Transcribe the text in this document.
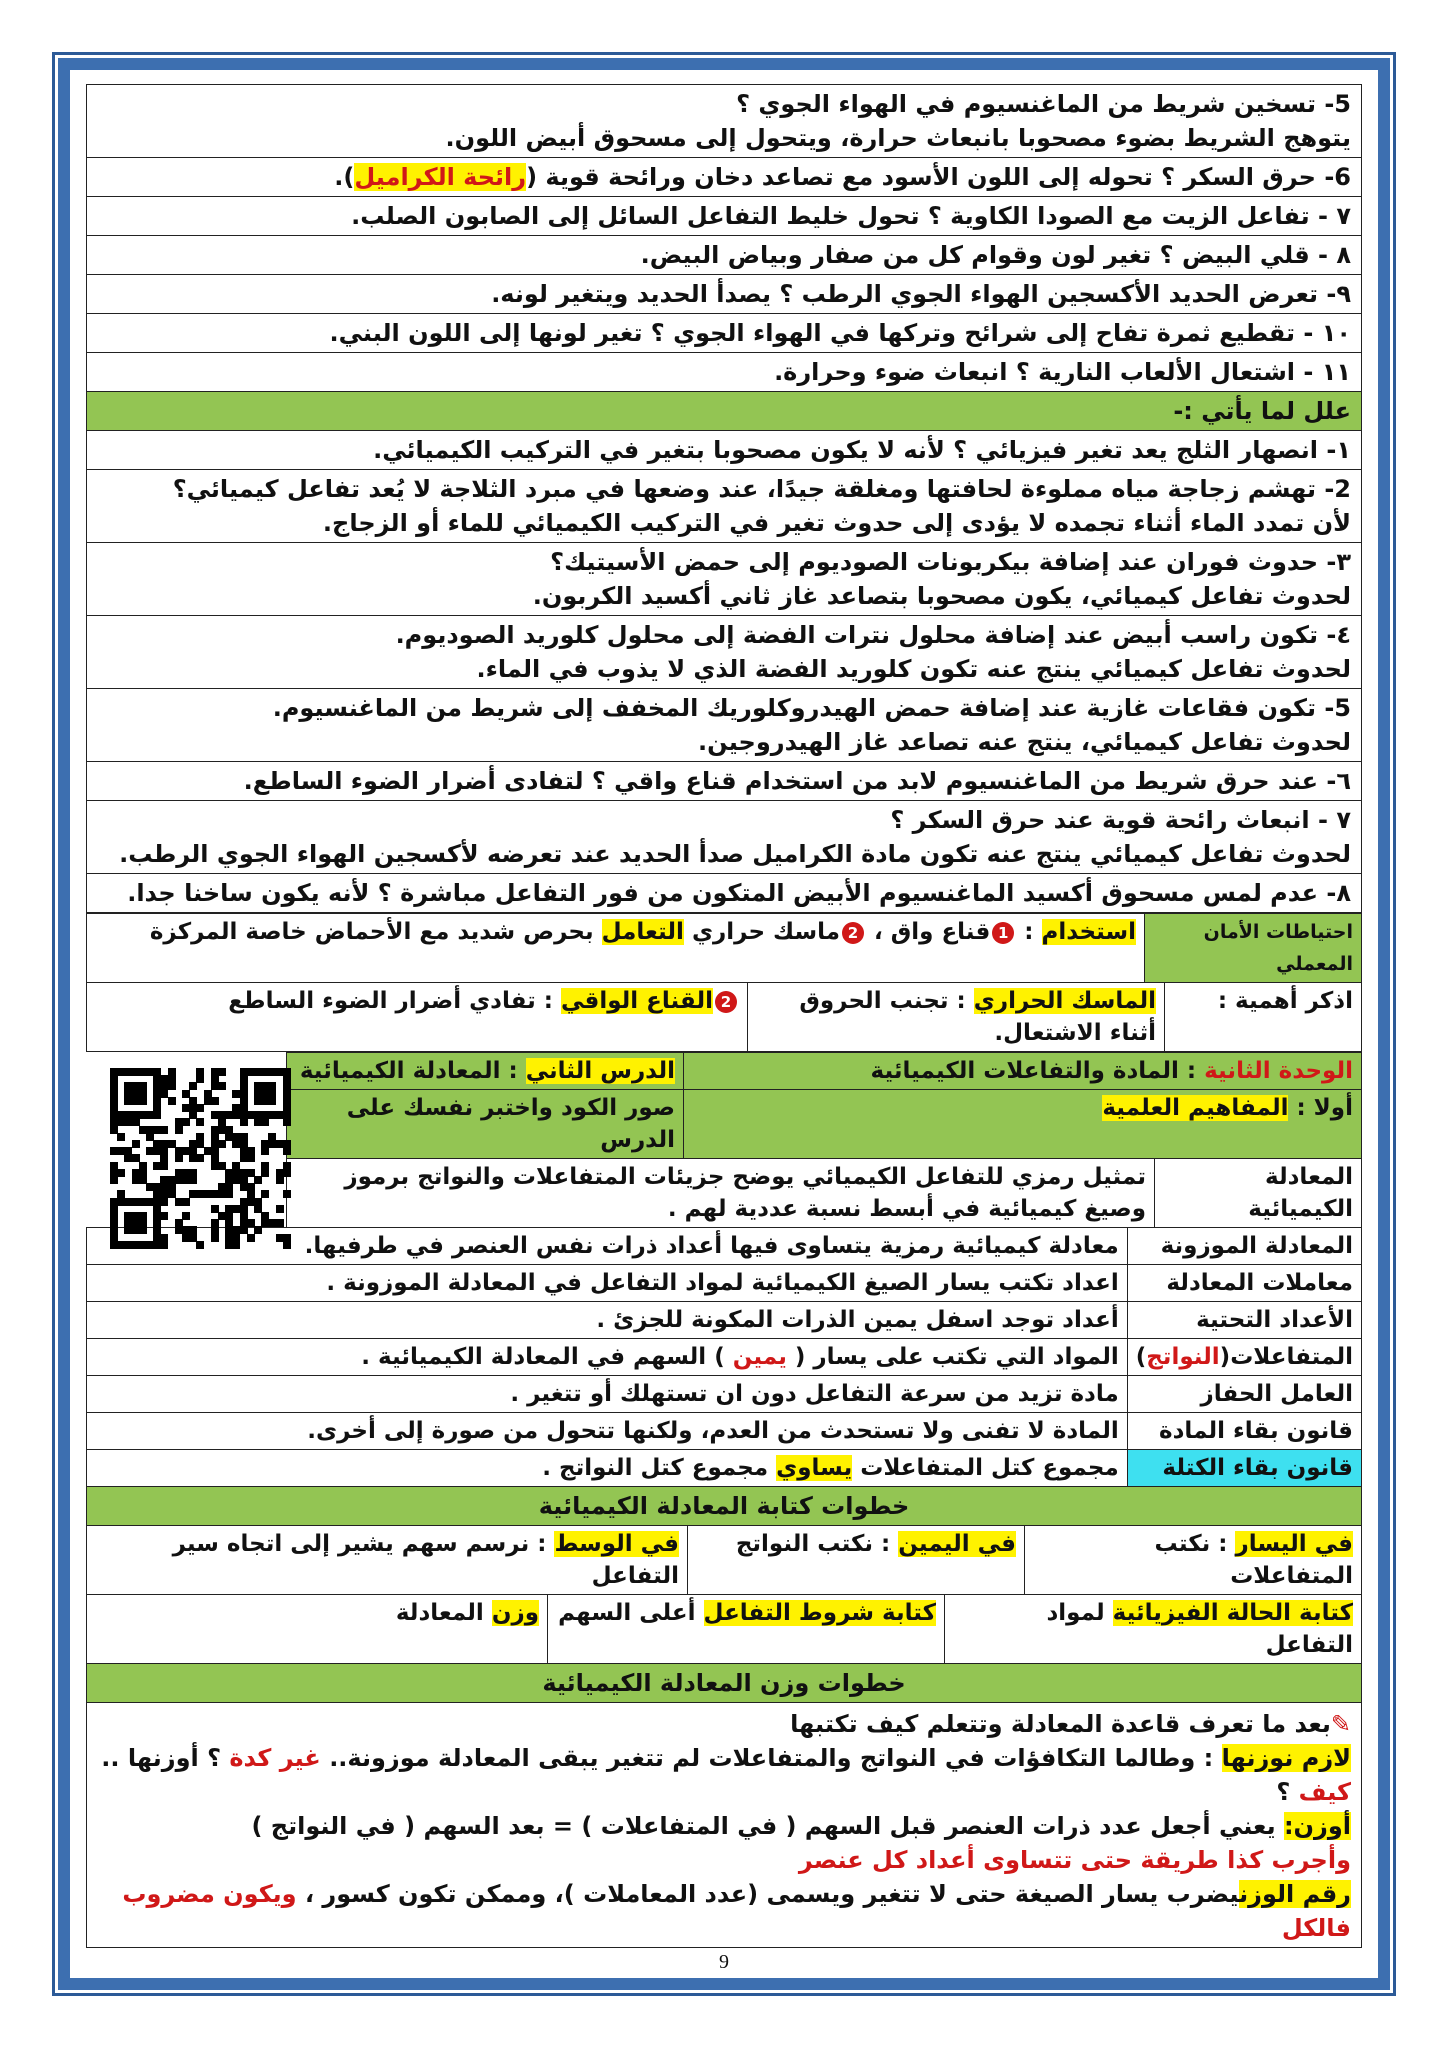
5- تسخين شريط من الماغنسيوم في الهواء الجوي ؟
يتوهج الشريط بضوء مصحوبا بانبعاث حرارة، ويتحول إلى مسحوق أبيض اللون.
6- حرق السكر ؟ تحوله إلى اللون الأسود مع تصاعد دخان ورائحة قوية (رائحة الكراميل).
٧ - تفاعل الزيت مع الصودا الكاوية ؟ تحول خليط التفاعل السائل إلى الصابون الصلب.
٨ - قلي البيض ؟ تغير لون وقوام كل من صفار وبياض البيض.
٩- تعرض الحديد الأكسجين الهواء الجوي الرطب ؟ يصدأ الحديد ويتغير لونه.
١٠ - تقطيع ثمرة تفاح إلى شرائح وتركها في الهواء الجوي ؟ تغير لونها إلى اللون البني.
١١ - اشتعال الألعاب النارية ؟ انبعاث ضوء وحرارة.
علل لما يأتي :-
١- انصهار الثلج يعد تغير فيزيائي ؟ لأنه لا يكون مصحوبا بتغير في التركيب الكيميائي.
2- تهشم زجاجة مياه مملوءة لحافتها ومغلقة جيدًا، عند وضعها في مبرد الثلاجة لا يُعد تفاعل كيميائي؟
لأن تمدد الماء أثناء تجمده لا يؤدى إلى حدوث تغير في التركيب الكيميائي للماء أو الزجاج.
٣- حدوث فوران عند إضافة بيكربونات الصوديوم إلى حمض الأسيتيك؟
لحدوث تفاعل كيميائي، يكون مصحوبا بتصاعد غاز ثاني أكسيد الكربون.
٤- تكون راسب أبيض عند إضافة محلول نترات الفضة إلى محلول كلوريد الصوديوم.
لحدوث تفاعل كيميائي ينتج عنه تكون كلوريد الفضة الذي لا يذوب في الماء.
5- تكون فقاعات غازية عند إضافة حمض الهيدروكلوريك المخفف إلى شريط من الماغنسيوم.
لحدوث تفاعل كيميائي، ينتج عنه تصاعد غاز الهيدروجين.
٦- عند حرق شريط من الماغنسيوم لابد من استخدام قناع واقي ؟ لتفادى أضرار الضوء الساطع.
٧ - انبعاث رائحة قوية عند حرق السكر ؟
لحدوث تفاعل كيميائي ينتج عنه تكون مادة الكراميل صدأ الحديد عند تعرضه لأكسجين الهواء الجوي الرطب.
٨- عدم لمس مسحوق أكسيد الماغنسيوم الأبيض المتكون من فور التفاعل مباشرة ؟ لأنه يكون ساخنا جدا.
احتياطات الأمان المعملي	استخدام : 1قناع واق ، 2ماسك حراري التعامل بحرص شديد مع الأحماض خاصة المركزة
اذكر أهمية :	الماسك الحراري : تجنب الحروق أثناء الاشتعال.	2القناع الواقي : تفادي أضرار الضوء الساطع
الوحدة الثانية : المادة والتفاعلات الكيميائية	الدرس الثاني : المعادلة الكيميائية
أولا : المفاهيم العلمية	صور الكود واختبر نفسك على الدرس
المعادلة الكيميائية	تمثيل رمزي للتفاعل الكيميائي يوضح جزيئات المتفاعلات والنواتج برموز وصيغ كيميائية في أبسط نسبة عددية لهم .
المعادلة الموزونة	معادلة كيميائية رمزية يتساوى فيها أعداد ذرات نفس العنصر في طرفيها.
معاملات المعادلة	اعداد تكتب يسار الصيغ الكيميائية لمواد التفاعل في المعادلة الموزونة .
الأعداد التحتية	أعداد توجد اسفل يمين الذرات المكونة للجزئ .
المتفاعلات(النواتج)	المواد التي تكتب على يسار ( يمين ) السهم في المعادلة الكيميائية .
العامل الحفاز	مادة تزيد من سرعة التفاعل دون ان تستهلك أو تتغير .
قانون بقاء المادة	المادة لا تفنى ولا تستحدث من العدم، ولكنها تتحول من صورة إلى أخرى.
قانون بقاء الكتلة	مجموع كتل المتفاعلات يساوي مجموع كتل النواتج .
خطوات كتابة المعادلة الكيميائية
في اليسار : نكتب المتفاعلات	في اليمين : نكتب النواتج	في الوسط : نرسم سهم يشير إلى اتجاه سير التفاعل
كتابة الحالة الفيزيائية لمواد التفاعل	كتابة شروط التفاعل أعلى السهم	وزن المعادلة
خطوات وزن المعادلة الكيميائية
✎بعد ما تعرف قاعدة المعادلة وتتعلم كيف تكتبها
لازم نوزنها : وطالما التكافؤات في النواتج والمتفاعلات لم تتغير يبقى المعادلة موزونة.. غير كدة ؟ أوزنها .. كيف ؟
أوزن: يعني أجعل عدد ذرات العنصر قبل السهم ( في المتفاعلات ) = بعد السهم ( في النواتج )
وأجرب كذا طريقة حتى تتساوى أعداد كل عنصر
رقم الوزنيضرب يسار الصيغة حتى لا تتغير ويسمى (عدد المعاملات )، وممكن تكون كسور ، ويكون مضروب فالكل
9
